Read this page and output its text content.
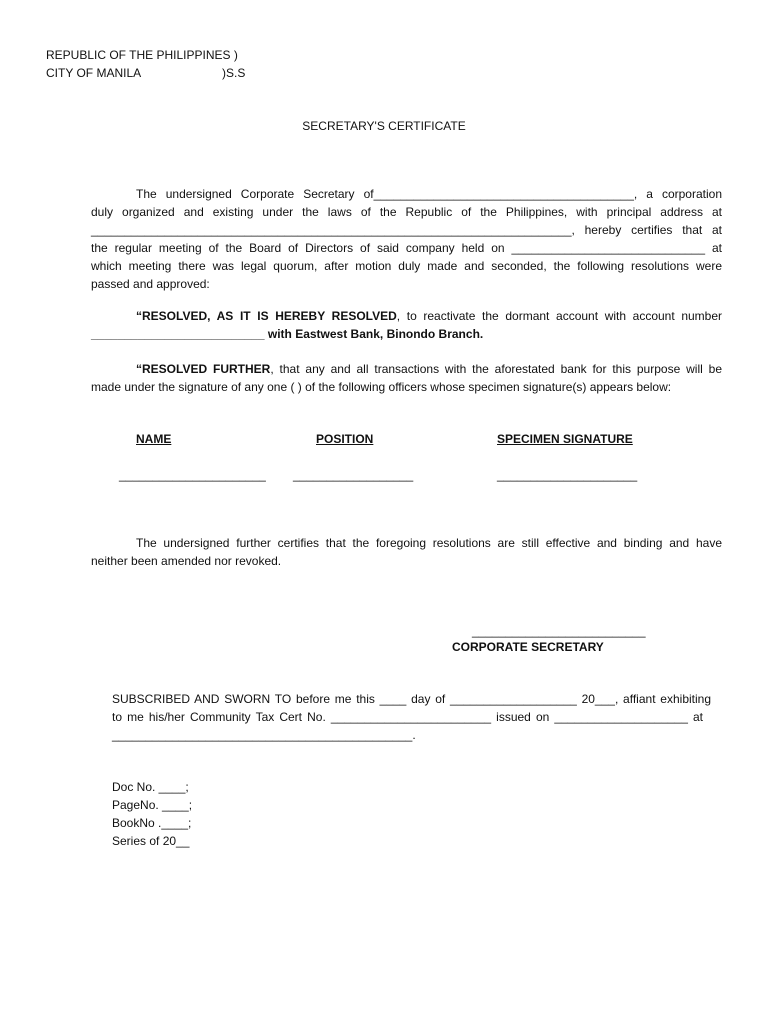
REPUBLIC OF THE PHILIPPINES )
CITY OF MANILA	)S.S
SECRETARY'S CERTIFICATE
The undersigned Corporate Secretary of_______________________________________, a corporation
duly organized and existing under the laws of the Republic of the Philippines, with principal address at
________________________________________________________________________, hereby certifies that at
the regular meeting of the Board of Directors of said company held on _____________________________ at
which meeting there was legal quorum, after motion duly made and seconded, the following resolutions were
passed and approved:
“RESOLVED, AS IT IS HEREBY RESOLVED, to reactivate the dormant account with account number
__________________________ with Eastwest Bank, Binondo Branch.
“RESOLVED FURTHER, that any and all transactions with the aforestated bank for this purpose will be
made under the signature of any one ( ) of the following officers whose specimen signature(s) appears below:
NAME	POSITION	SPECIMEN SIGNATURE
______________________ __________________	_____________________
The undersigned further certifies that the foregoing resolutions are still effective and binding and have
neither been amended nor revoked.
__________________________
CORPORATE SECRETARY
SUBSCRIBED AND SWORN TO before me this ____ day of ___________________ 20___, affiant exhibiting
to me his/her Community Tax Cert No. ________________________ issued on ____________________ at
_____________________________________________.
Doc No. ____;
PageNo. ____;
BookNo .____;
Series of 20__
